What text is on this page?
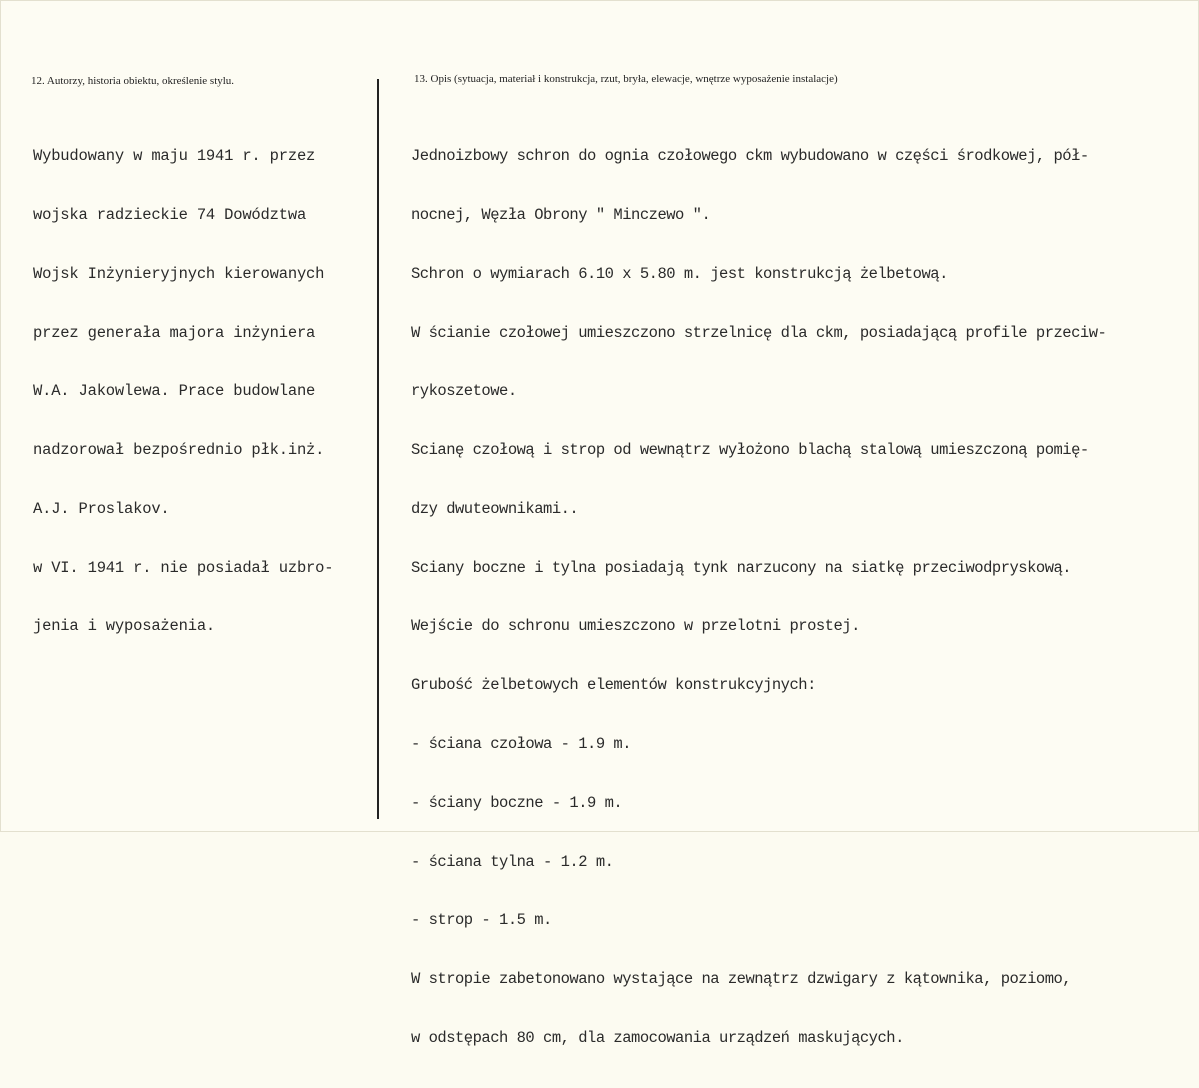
12. Autorzy, historia obiektu, określenie stylu.	13. Opis (sytuacja, materiał i konstrukcja, rzut, bryła, elewacje, wnętrze wyposażenie instalacje)

Wybudowany w maju 1941 r. przez

wojska radzieckie 74 Dowództwa

Wojsk Inżynieryjnych kierowanych

przez generała majora inżyniera

W.A. Jakowlewa. Prace budowlane

nadzorował bezpośrednio płk.inż.

A.J. Proslakov.

w VI. 1941 r. nie posiadał uzbro-

jenia i wyposażenia.

Jednoizbowy schron do ognia czołowego ckm wybudowano w części środkowej, pół-

nocnej, Węzła Obrony " Minczewo ".

Schron o wymiarach 6.10 x 5.80 m. jest konstrukcją żelbetową.

W ścianie czołowej umieszczono strzelnicę dla ckm, posiadającą profile przeciw-

rykoszetowe.

Scianę czołową i strop od wewnątrz wyłożono blachą stalową umieszczoną pomię-

dzy dwuteownikami..

Sciany boczne i tylna posiadają tynk narzucony na siatkę przeciwodpryskową.

Wejście do schronu umieszczono w przelotni prostej.

Grubość żelbetowych elementów konstrukcyjnych:

- ściana czołowa - 1.9 m.

- ściany boczne - 1.9 m.

- ściana tylna - 1.2 m.

- strop - 1.5 m.

W stropie zabetonowano wystające na zewnątrz dzwigary z kątownika, poziomo,

w odstępach 80 cm, dla zamocowania urządzeń maskujących.
